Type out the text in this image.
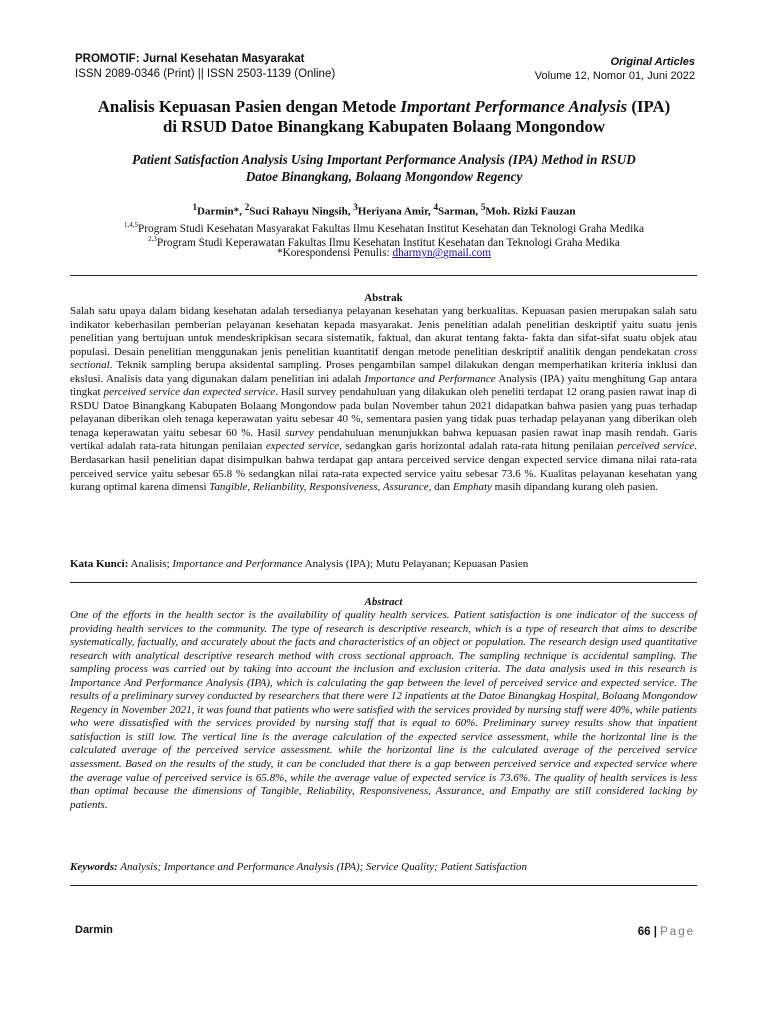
PROMOTIF: Jurnal Kesehatan Masyarakat
ISSN 2089-0346 (Print) || ISSN 2503-1139 (Online)
Original Articles
Volume 12, Nomor 01, Juni 2022
Analisis Kepuasan Pasien dengan Metode Important Performance Analysis (IPA)
di RSUD Datoe Binangkang Kabupaten Bolaang Mongondow
Patient Satisfaction Analysis Using Important Performance Analysis (IPA) Method in RSUD
Datoe Binangkang, Bolaang Mongondow Regency
$^1$Darmin*, $^2$Suci Rahayu Ningsih, $^3$Heriyana Amir, $^4$Sarman, $^5$Moh. Rizki Fauzan
$^{1,4,5}$Program Studi Kesehatan Masyarakat Fakultas Ilmu Kesehatan Institut Kesehatan dan Teknologi Graha Medika
$^{2,3}$Program Studi Keperawatan Fakultas Ilmu Kesehatan Institut Kesehatan dan Teknologi Graha Medika
*Korespondensi Penulis: dharmyn@gmail.com
Abstrak
Salah satu upaya dalam bidang kesehatan adalah tersedianya pelayanan kesehatan yang berkualitas. Kepuasan pasien merupakan salah satu indikator keberhasilan pemberian pelayanan kesehatan kepada masyarakat. Jenis penelitian adalah penelitian deskriptif yaitu suatu jenis penelitian yang bertujuan untuk mendeskripkisan secara sistematik, faktual, dan akurat tentang fakta- fakta dan sifat-sifat suatu objek atau populasi. Desain penelitian menggunakan jenis penelitian kuantitatif dengan metode penelitian deskriptif analitik dengan pendekatan cross sectional. Teknik sampling berupa aksidental sampling. Proses pengambilan sampel dilakukan dengan memperhatikan kriteria inklusi dan ekslusi. Analisis data yang digunakan dalam penelitian ini adalah Importance and Performance Analysis (IPA) yaitu menghitung Gap antara tingkat perceived service dan expected service. Hasil survey pendahuluan yang dilakukan oleh peneliti terdapat 12 orang pasien rawat inap di RSDU Datoe Binangkang Kabupaten Bolaang Mongondow pada bulan November tahun 2021 didapatkan bahwa pasien yang puas terhadap pelayanan diberikan oleh tenaga keperawatan yaitu sebesar 40 %, sementara pasien yang tidak puas terhadap pelayanan yang diberikan oleh tenaga keperawatan yaitu sebesar 60 %. Hasil survey pendahuluan menunjukkan bahwa kepuasan pasien rawat inap masih rendah. Garis vertikal adalah rata-rata hitungan penilaian expected service, sedangkan garis horizontal adalah rata-rata hitung penilaian perceived service. Berdasarkan hasil penelitian dapat disimpulkan bahwa terdapat gap antara perceived service dengan expected service dimana nilai rata-rata perceived service yaitu sebesar 65.8 % sedangkan nilai rata-rata expected service yaitu sebesar 73.6 %. Kualitas pelayanan kesehatan yang kurang optimal karena dimensi Tangible, Relianbility, Responsiveness, Assurance, dan Emphaty masih dipandang kurang oleh pasien.
Kata Kunci: Analisis; Importance and Performance Analysis (IPA); Mutu Pelayanan; Kepuasan Pasien
Abstract
One of the efforts in the health sector is the availability of quality health services. Patient satisfaction is one indicator of the success of providing health services to the community. The type of research is descriptive research, which is a type of research that aims to describe systematically, factually, and accurately about the facts and characteristics of an object or population. The research design used quantitative research with analytical descriptive research method with cross sectional approach. The sampling technique is accidental sampling. The sampling process was carried out by taking into account the inclusion and exclusion criteria. The data analysis used in this research is Importance And Performance Analysis (IPA), which is calculating the gap between the level of perceived service and expected service. The results of a preliminary survey conducted by researchers that there were 12 inpatients at the Datoe Binangkag Hospital, Bolaang Mongondow Regency in November 2021, it was found that patients who were satisfied with the services provided by nursing staff were 40%, while patients who were dissatisfied with the services provided by nursing staff that is equal to 60%. Preliminary survey results show that inpatient satisfaction is still low. The vertical line is the average calculation of the expected service assessment, while the horizontal line is the calculated average of the perceived service assessment. while the horizontal line is the calculated average of the perceived service assessment. Based on the results of the study, it can be concluded that there is a gap between perceived service and expected service where the average value of perceived service is 65.8%, while the average value of expected service is 73.6%. The quality of health services is less than optimal because the dimensions of Tangible, Reliability, Responsiveness, Assurance, and Empathy are still considered lacking by patients.
Keywords: Analysis; Importance and Performance Analysis (IPA); Service Quality; Patient Satisfaction
Darmin	66 | Page
